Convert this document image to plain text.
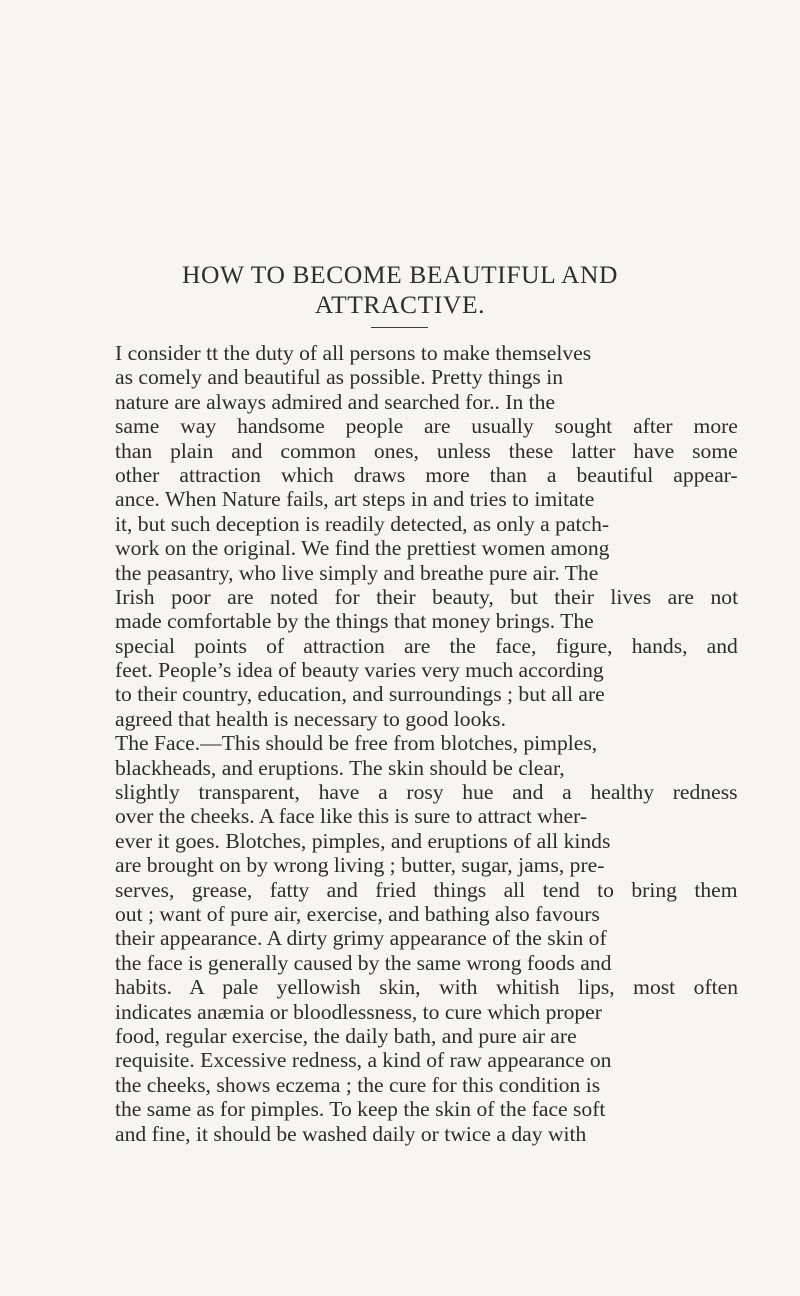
HOW TO BECOME BEAUTIFUL AND
ATTRACTIVE.
I consider tt the duty of all persons to make themselves
as comely and beautiful as possible. Pretty things in
nature are always admired and searched for.. In the
same way handsome people are usually sought after more
than plain and common ones, unless these latter have some
other attraction which draws more than a beautiful appear-
ance. When Nature fails, art steps in and tries to imitate
it, but such deception is readily detected, as only a patch-
work on the original. We find the prettiest women among
the peasantry, who live simply and breathe pure air. The
Irish poor are noted for their beauty, but their lives are not
made comfortable by the things that money brings. The
special points of attraction are the face, figure, hands, and
feet. People’s idea of beauty varies very much according
to their country, education, and surroundings ; but all are
agreed that health is necessary to good looks.
The Face.—This should be free from blotches, pimples,
blackheads, and eruptions. The skin should be clear,
slightly transparent, have a rosy hue and a healthy redness
over the cheeks. A face like this is sure to attract wher-
ever it goes. Blotches, pimples, and eruptions of all kinds
are brought on by wrong living ; butter, sugar, jams, pre-
serves, grease, fatty and fried things all tend to bring them
out ; want of pure air, exercise, and bathing also favours
their appearance. A dirty grimy appearance of the skin of
the face is generally caused by the same wrong foods and
habits. A pale yellowish skin, with whitish lips, most often
indicates anæmia or bloodlessness, to cure which proper
food, regular exercise, the daily bath, and pure air are
requisite. Excessive redness, a kind of raw appearance on
the cheeks, shows eczema ; the cure for this condition is
the same as for pimples. To keep the skin of the face soft
and fine, it should be washed daily or twice a day with
